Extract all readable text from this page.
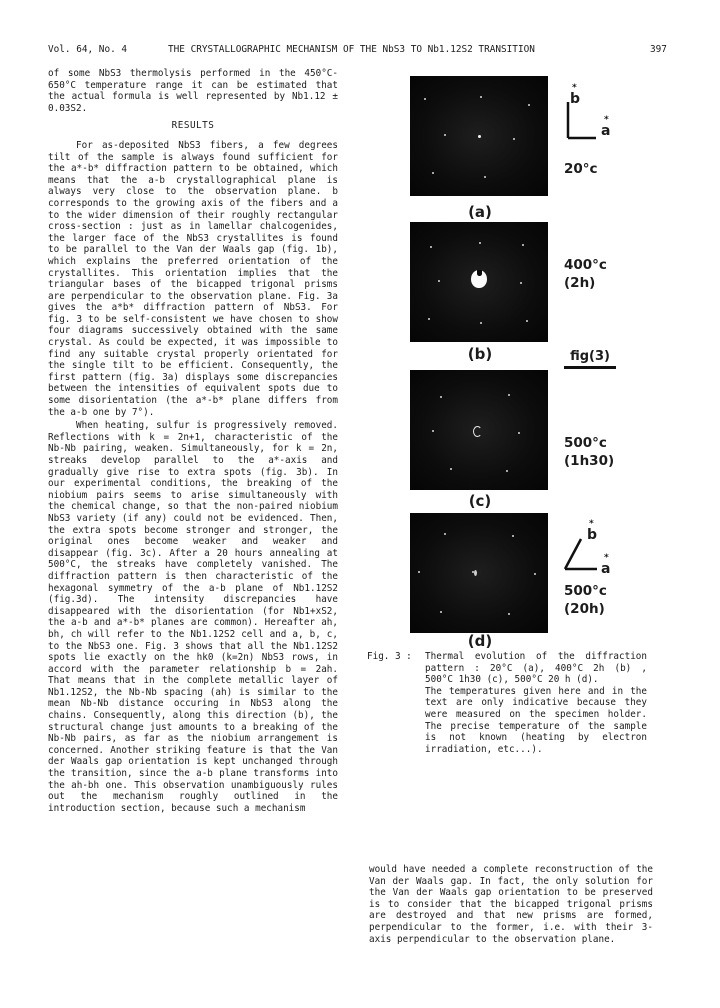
Vol. 64, No. 4	THE CRYSTALLOGRAPHIC MECHANISM OF THE NbS3 TO Nb1.12S2 TRANSITION	397

of some NbS3 thermolysis performed in the 450°C-650°C temperature range it can be estimated that the actual formula is well represented by Nb1.12 ± 0.03S2.

RESULTS

For as-deposited NbS3 fibers, a few degrees tilt of the sample is always found sufficient for the a*-b* diffraction pattern to be obtained, which means that the a-b crystallographical plane is always very close to the observation plane. b corresponds to the growing axis of the fibers and a to the wider dimension of their roughly rectangular cross-section : just as in lamellar chalcogenides, the larger face of the NbS3 crystallites is found to be parallel to the Van der Waals gap (fig. 1b), which explains the preferred orientation of the crystallites. This orientation implies that the triangular bases of the bicapped trigonal prisms are perpendicular to the observation plane. Fig. 3a gives the a*b* diffraction pattern of NbS3. For fig. 3 to be self-consistent we have chosen to show four diagrams successively obtained with the same crystal. As could be expected, it was impossible to find any suitable crystal properly orientated for the single tilt to be efficient. Consequently, the first pattern (fig. 3a) displays some discrepancies between the intensities of equivalent spots due to some disorientation (the a*-b* plane differs from the a-b one by 7°).

When heating, sulfur is progressively removed. Reflections with k = 2n+1, characteristic of the Nb-Nb pairing, weaken. Simultaneously, for k = 2n, streaks develop parallel to the a*-axis and gradually give rise to extra spots (fig. 3b). In our experimental conditions, the breaking of the niobium pairs seems to arise simultaneously with the chemical change, so that the non-paired niobium NbS3 variety (if any) could not be evidenced. Then, the extra spots become stronger and stronger, the original ones become weaker and weaker and disappear (fig. 3c). After a 20 hours annealing at 500°C, the streaks have completely vanished. The diffraction pattern is then characteristic of the hexagonal symmetry of the a-b plane of Nb1.12S2 (fig.3d). The intensity discrepancies have disappeared with the disorientation (for Nb1+xS2, the a-b and a*-b* planes are common). Hereafter ah, bh, ch will refer to the Nb1.12S2 cell and a, b, c, to the NbS3 one. Fig. 3 shows that all the Nb1.12S2 spots lie exactly on the hk0 (k=2n) NbS3 rows, in accord with the parameter relationship b = 2ah. That means that in the complete metallic layer of Nb1.12S2, the Nb-Nb spacing (ah) is similar to the mean Nb-Nb distance occuring in NbS3 along the chains. Consequently, along this direction (b), the structural change just amounts to a breaking of the Nb-Nb pairs, as far as the niobium arrangement is concerned. Another striking feature is that the Van der Waals gap orientation is kept unchanged through the transition, since the a-b plane transforms into the ah-bh one. This observation unambiguously rules out the mechanism roughly outlined in the introduction section, because such a mechanism

*
b
*
a
20°c
(a)
400°c
(2h)
(b)	fig(3)
500°c
(1h30)
(c)
*
b
*
a
500°c
(20h)
(d)
Fig. 3 :	Thermal evolution of the diffraction pattern : 20°C (a), 400°C 2h (b) , 500°C 1h30 (c), 500°C 20 h (d).
The temperatures given here and in the text are only indicative because they were measured on the specimen holder. The precise temperature of the sample is not known (heating by electron irradiation, etc...).

would have needed a complete reconstruction of the Van der Waals gap. In fact, the only solution for the Van der Waals gap orientation to be preserved is to consider that the bicapped trigonal prisms are destroyed and that new prisms are formed, perpendicular to the former, i.e. with their 3-axis perpendicular to the observation plane.
